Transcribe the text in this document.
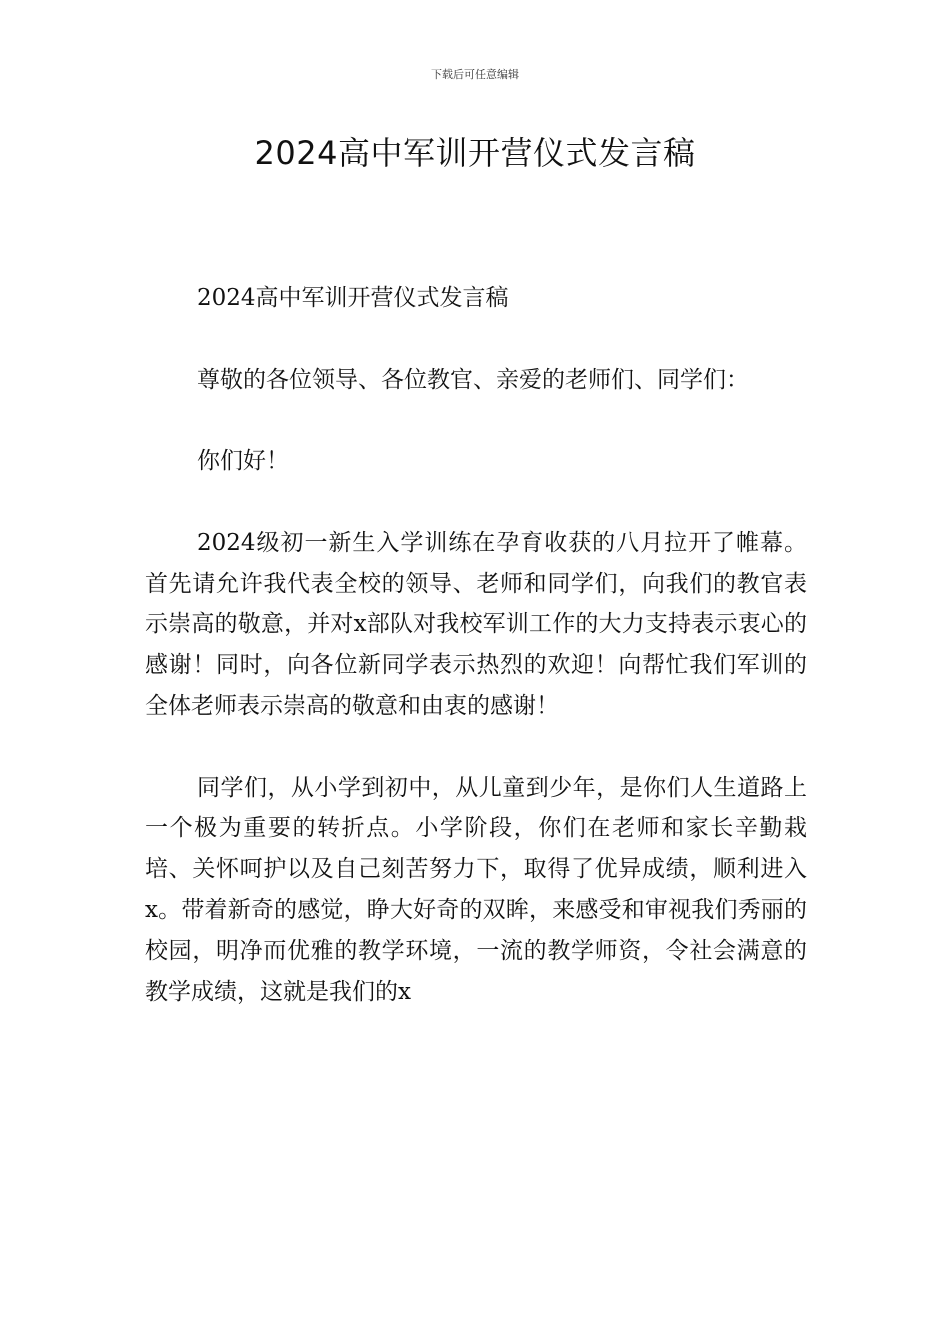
下载后可任意编辑
2024高中军训开营仪式发言稿

2024高中军训开营仪式发言稿

尊敬的各位领导、各位教官、亲爱的老师们、同学们：

你们好！

2024级初一新生入学训练在孕育收获的八月拉开了帷幕。首先请允许我代表全校的领导、老师和同学们，向我们的教官表示崇高的敬意，并对x部队对我校军训工作的大力支持表示衷心的感谢！同时，向各位新同学表示热烈的欢迎！向帮忙我们军训的全体老师表示崇高的敬意和由衷的感谢！

同学们，从小学到初中，从儿童到少年，是你们人生道路上一个极为重要的转折点。小学阶段，你们在老师和家长辛勤栽培、关怀呵护以及自己刻苦努力下，取得了优异成绩，顺利进入x。带着新奇的感觉，睁大好奇的双眸，来感受和审视我们秀丽的校园，明净而优雅的教学环境，一流的教学师资，令社会满意的教学成绩，这就是我们的x
